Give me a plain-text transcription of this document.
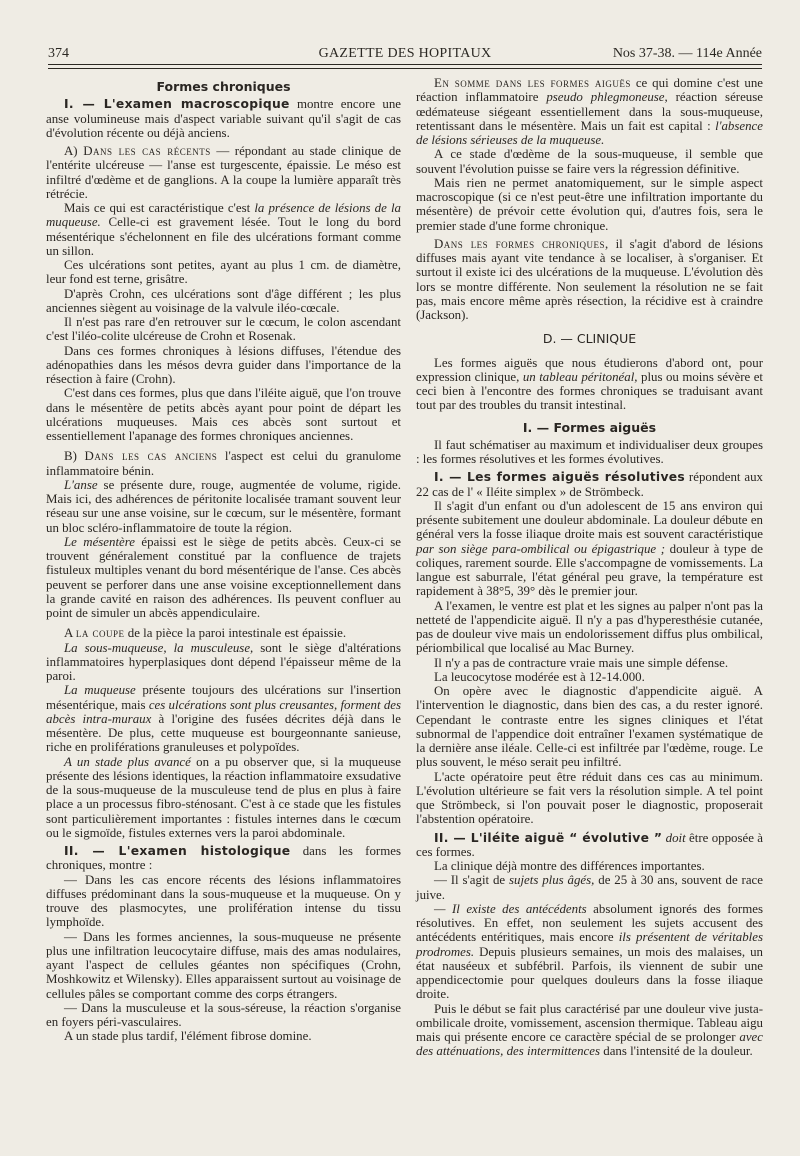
374	GAZETTE DES HOPITAUX	Nos 37-38. — 114e Année

Formes chroniques

I. — L'examen macroscopique montre encore une anse volumineuse mais d'aspect variable suivant qu'il s'agit de cas d'évolution récente ou déjà anciens.

A) Dans les cas récents — répondant au stade clinique de l'entérite ulcéreuse — l'anse est turgescente, épaissie. Le méso est infiltré d'œdème et de ganglions. A la coupe la lumière apparaît très rétrécie.

Mais ce qui est caractéristique c'est la présence de lésions de la muqueuse. Celle-ci est gravement lésée. Tout le long du bord mésentérique s'échelonnent en file des ulcérations formant comme un sillon.

Ces ulcérations sont petites, ayant au plus 1 cm. de diamètre, leur fond est terne, grisâtre.

D'après Crohn, ces ulcérations sont d'âge différent ; les plus anciennes siègent au voisinage de la valvule iléo-cœcale.

Il n'est pas rare d'en retrouver sur le cœcum, le colon ascendant c'est l'iléo-colite ulcéreuse de Crohn et Rosenak.

Dans ces formes chroniques à lésions diffuses, l'étendue des adénopathies dans les mésos devra guider dans l'importance de la résection à faire (Crohn).

C'est dans ces formes, plus que dans l'iléite aiguë, que l'on trouve dans le mésentère de petits abcès ayant pour point de départ les ulcérations muqueuses. Mais ces abcès sont surtout et essentiellement l'apanage des formes chroniques anciennes.

B) Dans les cas anciens l'aspect est celui du granulome inflammatoire bénin.

L'anse se présente dure, rouge, augmentée de volume, rigide. Mais ici, des adhérences de péritonite localisée tramant souvent leur réseau sur une anse voisine, sur le cœcum, sur le mésentère, formant un bloc scléro-inflammatoire de toute la région.

Le mésentère épaissi est le siège de petits abcès. Ceux-ci se trouvent généralement constitué par la confluence de trajets fistuleux multiples venant du bord mésentérique de l'anse. Ces abcès peuvent se perforer dans une anse voisine exceptionnellement dans la grande cavité en raison des adhérences. Ils peuvent confluer au point de simuler un abcès appendiculaire.

A la coupe de la pièce la paroi intestinale est épaissie.

La sous-muqueuse, la musculeuse, sont le siège d'altérations inflammatoires hyperplasiques dont dépend l'épaisseur même de la paroi.

La muqueuse présente toujours des ulcérations sur l'insertion mésentérique, mais ces ulcérations sont plus creusantes, forment des abcès intra-muraux à l'origine des fusées décrites déjà dans le mésentère. De plus, cette muqueuse est bourgeonnante sanieuse, riche en proliférations granuleuses et polypoïdes.

A un stade plus avancé on a pu observer que, si la muqueuse présente des lésions identiques, la réaction inflammatoire exsudative de la sous-muqueuse de la musculeuse tend de plus en plus à faire place a un processus fibro-sténosant. C'est à ce stade que les fistules sont particulièrement importantes : fistules internes dans le cœcum ou le sigmoïde, fistules externes vers la paroi abdominale.

II. — L'examen histologique dans les formes chroniques, montre :

— Dans les cas encore récents des lésions inflammatoires diffuses prédominant dans la sous-muqueuse et la muqueuse. On y trouve des plasmocytes, une prolifération intense du tissu lymphoïde.

— Dans les formes anciennes, la sous-muqueuse ne présente plus une infiltration leucocytaire diffuse, mais des amas nodulaires, ayant l'aspect de cellules géantes non spécifiques (Crohn, Moshkowitz et Wilensky). Elles apparaissent surtout au voisinage de cellules pâles se comportant comme des corps étrangers.

— Dans la musculeuse et la sous-séreuse, la réaction s'organise en foyers péri-vasculaires.

A un stade plus tardif, l'élément fibrose domine.

En somme dans les formes aiguës ce qui domine c'est une réaction inflammatoire pseudo phlegmoneuse, réaction séreuse œdémateuse siégeant essentiellement dans la sous-muqueuse, retentissant dans le mésentère. Mais un fait est capital : l'absence de lésions sérieuses de la muqueuse.

A ce stade d'œdème de la sous-muqueuse, il semble que souvent l'évolution puisse se faire vers la régression définitive.

Mais rien ne permet anatomiquement, sur le simple aspect macroscopique (si ce n'est peut-être une infiltration importante du mésentère) de prévoir cette évolution qui, d'autres fois, sera le premier stade d'une forme chronique.

Dans les formes chroniques, il s'agit d'abord de lésions diffuses mais ayant vite tendance à se localiser, à s'organiser. Et surtout il existe ici des ulcérations de la muqueuse. L'évolution dès lors se montre différente. Non seulement la résolution ne se fait pas, mais encore même après résection, la récidive est à craindre (Jackson).

D. — CLINIQUE

Les formes aiguës que nous étudierons d'abord ont, pour expression clinique, un tableau péritonéal, plus ou moins sévère et ceci bien à l'encontre des formes chroniques se traduisant avant tout par des troubles du transit intestinal.

I. — Formes aiguës

Il faut schématiser au maximum et individualiser deux groupes : les formes résolutives et les formes évolutives.

I. — Les formes aiguës résolutives répondent aux 22 cas de l' « Iléite simplex » de Strömbeck.

Il s'agit d'un enfant ou d'un adolescent de 15 ans environ qui présente subitement une douleur abdominale. La douleur débute en général vers la fosse iliaque droite mais est souvent caractéristique par son siège para-ombilical ou épigastrique ; douleur à type de coliques, rarement sourde. Elle s'accompagne de vomissements. La langue est saburrale, l'état général peu grave, la température est rapidement à 38°5, 39° dès le premier jour.

A l'examen, le ventre est plat et les signes au palper n'ont pas la netteté de l'appendicite aiguë. Il n'y a pas d'hyperesthésie cutanée, pas de douleur vive mais un endolorissement diffus plus ombilical, périombilical que localisé au Mac Burney.

Il n'y a pas de contracture vraie mais une simple défense.

La leucocytose modérée est à 12-14.000.

On opère avec le diagnostic d'appendicite aiguë. A l'intervention le diagnostic, dans bien des cas, a du rester ignoré. Cependant le contraste entre les signes cliniques et l'état subnormal de l'appendice doit entraîner l'examen systématique de la dernière anse iléale. Celle-ci est infiltrée par l'œdème, rouge. Le plus souvent, le méso serait peu infiltré.

L'acte opératoire peut être réduit dans ces cas au minimum. L'évolution ultérieure se fait vers la résolution simple. A tel point que Strömbeck, si l'on pouvait poser le diagnostic, proposerait l'abstention opératoire.

II. — L'iléite aiguë “ évolutive ” doit être opposée à ces formes.

La clinique déjà montre des différences importantes.

— Il s'agit de sujets plus âgés, de 25 à 30 ans, souvent de race juive.

— Il existe des antécédents absolument ignorés des formes résolutives. En effet, non seulement les sujets accusent des antécédents entéritiques, mais encore ils présentent de véritables prodromes. Depuis plusieurs semaines, un mois des malaises, un état nauséeux et subfébril. Parfois, ils viennent de subir une appendicectomie pour quelques douleurs dans la fosse iliaque droite.

Puis le début se fait plus caractérisé par une douleur vive justa-ombilicale droite, vomissement, ascension thermique. Tableau aigu mais qui présente encore ce caractère spécial de se prolonger avec des atténuations, des intermittences dans l'intensité de la douleur.
